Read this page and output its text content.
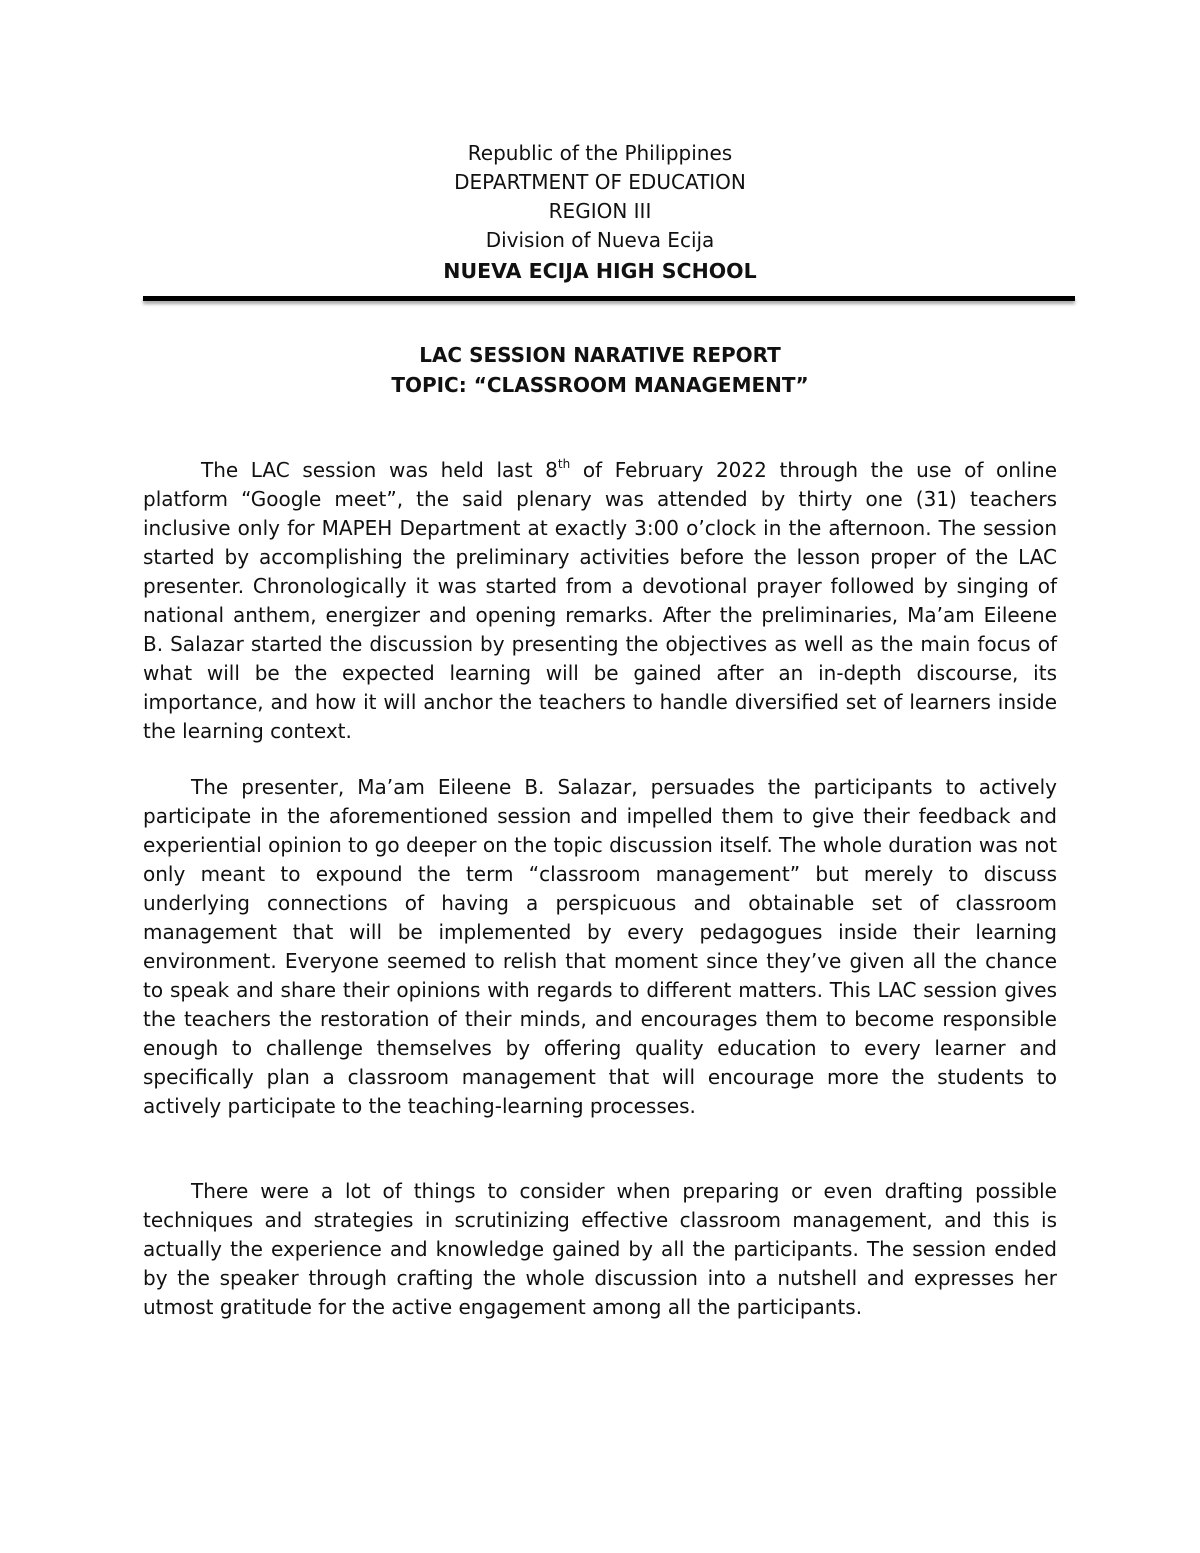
Republic of the Philippines
DEPARTMENT OF EDUCATION
REGION III
Division of Nueva Ecija
NUEVA ECIJA HIGH SCHOOL
LAC SESSION NARATIVE REPORT
TOPIC: “CLASSROOM MANAGEMENT”
The LAC session was held last 8th of February 2022 through the use of online platform “Google meet”, the said plenary was attended by thirty one (31) teachers inclusive only for MAPEH Department at exactly 3:00 o’clock in the afternoon. The session started by accomplishing the preliminary activities before the lesson proper of the LAC presenter. Chronologically it was started from a devotional prayer followed by singing of national anthem, energizer and opening remarks. After the preliminaries, Ma’am Eileene B. Salazar started the discussion by presenting the objectives as well as the main focus of what will be the expected learning will be gained after an in-depth discourse, its importance, and how it will anchor the teachers to handle diversified set of learners inside the learning context.
The presenter, Ma’am Eileene B. Salazar, persuades the participants to actively participate in the aforementioned session and impelled them to give their feedback and experiential opinion to go deeper on the topic discussion itself. The whole duration was not only meant to expound the term “classroom management” but merely to discuss underlying connections of having a perspicuous and obtainable set of classroom management that will be implemented by every pedagogues inside their learning environment. Everyone seemed to relish that moment since they’ve given all the chance to speak and share their opinions with regards to different matters. This LAC session gives the teachers the restoration of their minds, and encourages them to become responsible enough to challenge themselves by offering quality education to every learner and specifically plan a classroom management that will encourage more the students to actively participate to the teaching-learning processes.
There were a lot of things to consider when preparing or even drafting possible techniques and strategies in scrutinizing effective classroom management, and this is actually the experience and knowledge gained by all the participants. The session ended by the speaker through crafting the whole discussion into a nutshell and expresses her utmost gratitude for the active engagement among all the participants.
